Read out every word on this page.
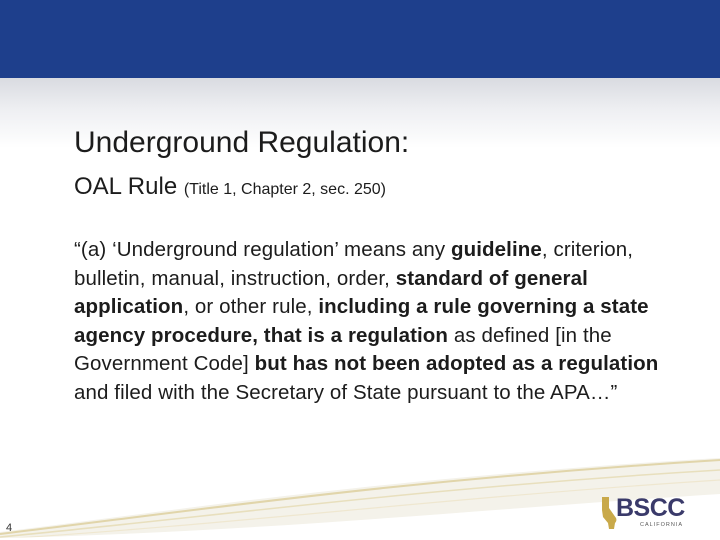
Underground Regulation:
OAL Rule (Title 1, Chapter 2, sec. 250)
“(a) ‘Underground regulation’ means any guideline, criterion, bulletin, manual, instruction, order, standard of general application, or other rule, including a rule governing a state agency procedure, that is a regulation as defined [in the Government Code] but has not been adopted as a regulation and filed with the Secretary of State pursuant to the APA…”
4
BSCC
CALIFORNIA
